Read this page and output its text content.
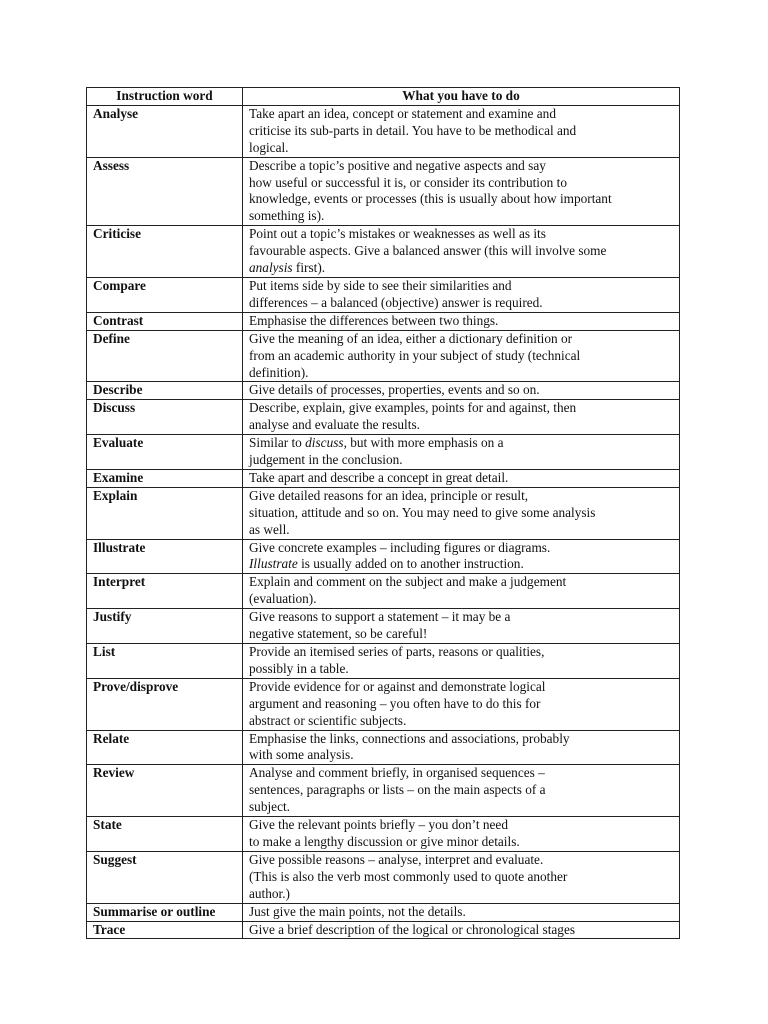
Instruction word	What you have to do
Analyse	Take apart an idea, concept or statement and examine and
criticise its sub-parts in detail. You have to be methodical and
logical.

Assess	Describe a topic’s positive and negative aspects and say
how useful or successful it is, or consider its contribution to
knowledge, events or processes (this is usually about how important
something is).

Criticise	Point out a topic’s mistakes or weaknesses as well as its
favourable aspects. Give a balanced answer (this will involve some
analysis first).

Compare	Put items side by side to see their similarities and
differences – a balanced (objective) answer is required.

Contrast	Emphasise the differences between two things.

Define	Give the meaning of an idea, either a dictionary definition or
from an academic authority in your subject of study (technical
definition).

Describe	Give details of processes, properties, events and so on.

Discuss	Describe, explain, give examples, points for and against, then
analyse and evaluate the results.

Evaluate	Similar to discuss, but with more emphasis on a
judgement in the conclusion.

Examine	Take apart and describe a concept in great detail.

Explain	Give detailed reasons for an idea, principle or result,
situation, attitude and so on. You may need to give some analysis
as well.

Illustrate	Give concrete examples – including figures or diagrams.
Illustrate is usually added on to another instruction.

Interpret	Explain and comment on the subject and make a judgement
(evaluation).

Justify	Give reasons to support a statement – it may be a
negative statement, so be careful!

List	Provide an itemised series of parts, reasons or qualities,
possibly in a table.

Prove/disprove	Provide evidence for or against and demonstrate logical
argument and reasoning – you often have to do this for
abstract or scientific subjects.

Relate	Emphasise the links, connections and associations, probably
with some analysis.

Review	Analyse and comment briefly, in organised sequences –
sentences, paragraphs or lists – on the main aspects of a
subject.

State	Give the relevant points briefly – you don’t need
to make a lengthy discussion or give minor details.

Suggest	Give possible reasons – analyse, interpret and evaluate.
(This is also the verb most commonly used to quote another
author.)

Summarise or outline	Just give the main points, not the details.

Trace	Give a brief description of the logical or chronological stages
